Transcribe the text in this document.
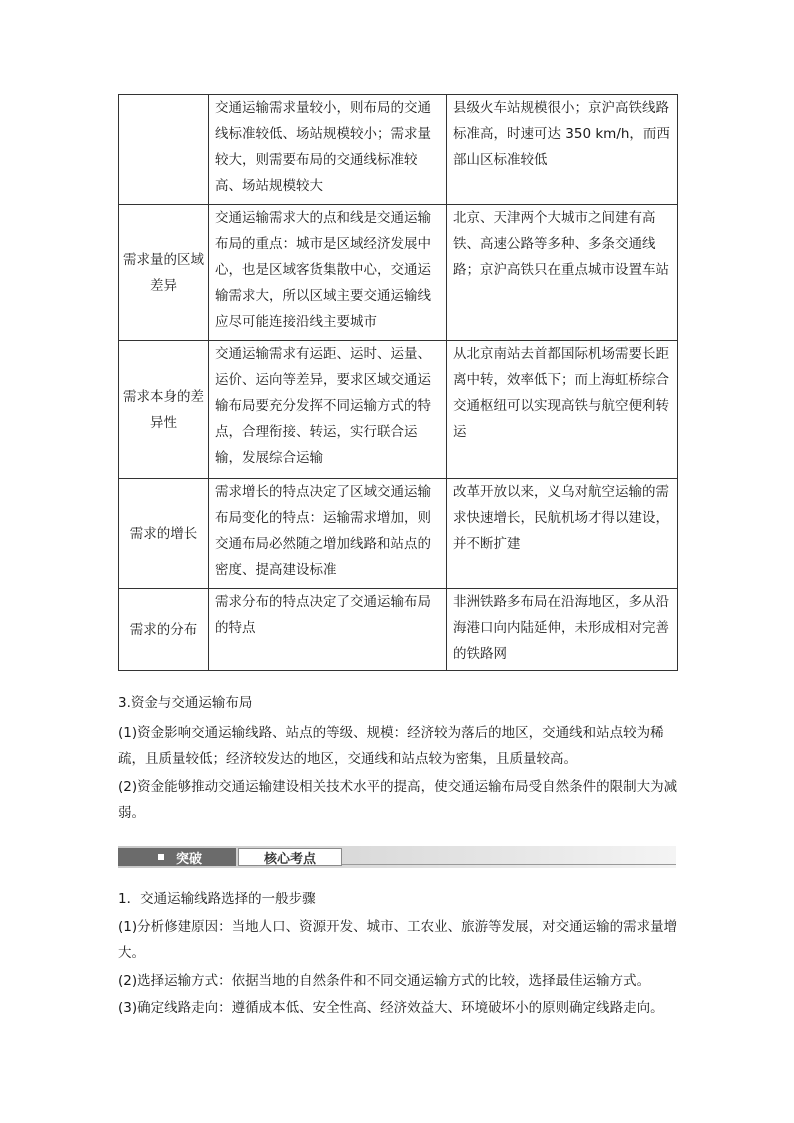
	交通运输需求量较小，则布局的交通线标准较低、场站规模较小；需求量较大，则需要布局的交通线标准较高、场站规模较大	县级火车站规模很小；京沪高铁线路标准高，时速可达 350 km/h，而西部山区标准较低
需求量的区域差异	交通运输需求大的点和线是交通运输布局的重点：城市是区域经济发展中心，也是区域客货集散中心，交通运输需求大，所以区域主要交通运输线应尽可能连接沿线主要城市	北京、天津两个大城市之间建有高铁、高速公路等多种、多条交通线路；京沪高铁只在重点城市设置车站
需求本身的差异性	交通运输需求有运距、运时、运量、运价、运向等差异，要求区域交通运输布局要充分发挥不同运输方式的特点，合理衔接、转运，实行联合运输，发展综合运输	从北京南站去首都国际机场需要长距离中转，效率低下；而上海虹桥综合交通枢纽可以实现高铁与航空便利转运
需求的增长	需求增长的特点决定了区域交通运输布局变化的特点：运输需求增加，则交通布局必然随之增加线路和站点的密度、提高建设标准	改革开放以来，义乌对航空运输的需求快速增长，民航机场才得以建设，并不断扩建
需求的分布	需求分布的特点决定了交通运输布局的特点	非洲铁路多布局在沿海地区，多从沿海港口向内陆延伸，未形成相对完善的铁路网
3.资金与交通运输布局

(1)资金影响交通运输线路、站点的等级、规模：经济较为落后的地区，交通线和站点较为稀疏，且质量较低；经济较发达的地区，交通线和站点较为密集，且质量较高。

(2)资金能够推动交通运输建设相关技术水平的提高，使交通运输布局受自然条件的限制大为减弱。

突破	核心考点
1．交通运输线路选择的一般步骤

(1)分析修建原因：当地人口、资源开发、城市、工农业、旅游等发展，对交通运输的需求量增大。

(2)选择运输方式：依据当地的自然条件和不同交通运输方式的比较，选择最佳运输方式。

(3)确定线路走向：遵循成本低、安全性高、经济效益大、环境破坏小的原则确定线路走向。
